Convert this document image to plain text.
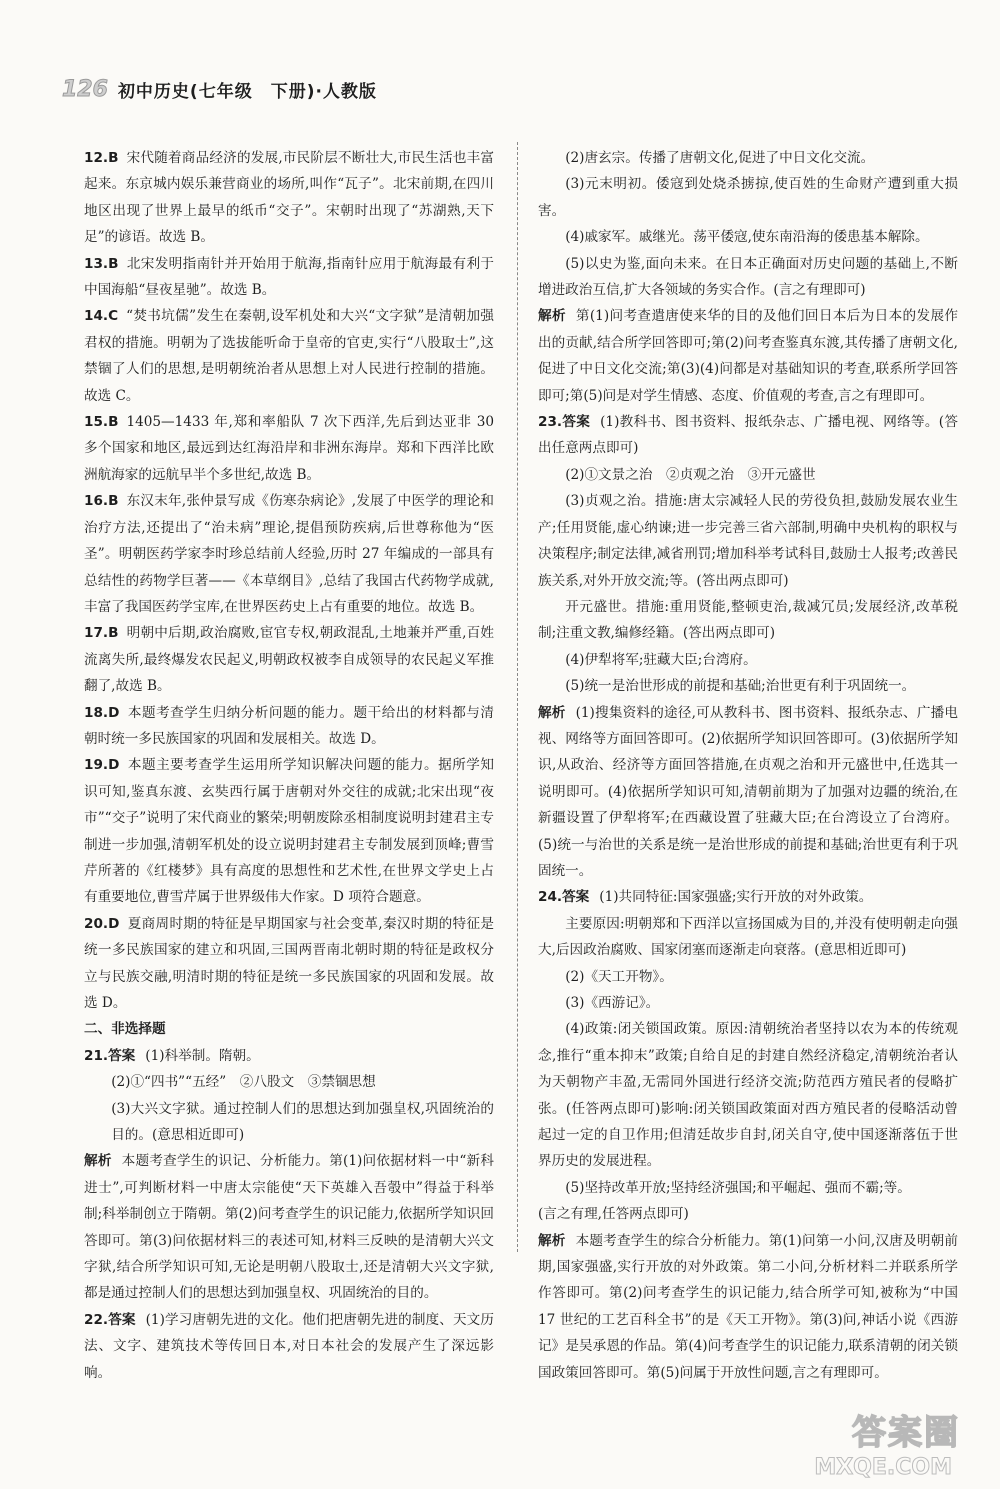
126 初中历史(七年级　下册)·人教版

12.B 宋代随着商品经济的发展,市民阶层不断壮大,市民生活也丰富起来。东京城内娱乐兼营商业的场所,叫作“瓦子”。北宋前期,在四川地区出现了世界上最早的纸币“交子”。宋朝时出现了“苏湖熟,天下足”的谚语。故选 B。

13.B 北宋发明指南针并开始用于航海,指南针应用于航海最有利于中国海船“昼夜星驰”。故选 B。

14.C “焚书坑儒”发生在秦朝,设军机处和大兴“文字狱”是清朝加强君权的措施。明朝为了选拔能听命于皇帝的官吏,实行“八股取士”,这禁锢了人们的思想,是明朝统治者从思想上对人民进行控制的措施。故选 C。

15.B 1405—1433 年,郑和率船队 7 次下西洋,先后到达亚非 30 多个国家和地区,最远到达红海沿岸和非洲东海岸。郑和下西洋比欧洲航海家的远航早半个多世纪,故选 B。

16.B 东汉末年,张仲景写成《伤寒杂病论》,发展了中医学的理论和治疗方法,还提出了“治未病”理论,提倡预防疾病,后世尊称他为“医圣”。明朝医药学家李时珍总结前人经验,历时 27 年编成的一部具有总结性的药物学巨著——《本草纲目》,总结了我国古代药物学成就,丰富了我国医药学宝库,在世界医药史上占有重要的地位。故选 B。

17.B 明朝中后期,政治腐败,宦官专权,朝政混乱,土地兼并严重,百姓流离失所,最终爆发农民起义,明朝政权被李自成领导的农民起义军推翻了,故选 B。

18.D 本题考查学生归纳分析问题的能力。题干给出的材料都与清朝时统一多民族国家的巩固和发展相关。故选 D。

19.D 本题主要考查学生运用所学知识解决问题的能力。据所学知识可知,鉴真东渡、玄奘西行属于唐朝对外交往的成就;北宋出现“夜市”“交子”说明了宋代商业的繁荣;明朝废除丞相制度说明封建君主专制进一步加强,清朝军机处的设立说明封建君主专制发展到顶峰;曹雪芹所著的《红楼梦》具有高度的思想性和艺术性,在世界文学史上占有重要地位,曹雪芹属于世界级伟大作家。D 项符合题意。

20.D 夏商周时期的特征是早期国家与社会变革,秦汉时期的特征是统一多民族国家的建立和巩固,三国两晋南北朝时期的特征是政权分立与民族交融,明清时期的特征是统一多民族国家的巩固和发展。故选 D。

二、非选择题

21.答案 (1)科举制。隋朝。

(2)①“四书”“五经”　②八股文　③禁锢思想

(3)大兴文字狱。通过控制人们的思想达到加强皇权,巩固统治的目的。(意思相近即可)

解析 本题考查学生的识记、分析能力。第(1)问依据材料一中“新科进士”,可判断材料一中唐太宗能使“天下英雄入吾彀中”得益于科举制;科举制创立于隋朝。第(2)问考查学生的识记能力,依据所学知识回答即可。第(3)问依据材料三的表述可知,材料三反映的是清朝大兴文字狱,结合所学知识可知,无论是明朝八股取士,还是清朝大兴文字狱,都是通过控制人们的思想达到加强皇权、巩固统治的目的。

22.答案 (1)学习唐朝先进的文化。他们把唐朝先进的制度、天文历法、文字、建筑技术等传回日本,对日本社会的发展产生了深远影响。

(2)唐玄宗。传播了唐朝文化,促进了中日文化交流。

(3)元末明初。倭寇到处烧杀掳掠,使百姓的生命财产遭到重大损害。

(4)戚家军。戚继光。荡平倭寇,使东南沿海的倭患基本解除。

(5)以史为鉴,面向未来。在日本正确面对历史问题的基础上,不断增进政治互信,扩大各领域的务实合作。(言之有理即可)

解析 第(1)问考查遣唐使来华的目的及他们回日本后为日本的发展作出的贡献,结合所学回答即可;第(2)问考查鉴真东渡,其传播了唐朝文化,促进了中日文化交流;第(3)(4)问都是对基础知识的考查,联系所学回答即可;第(5)问是对学生情感、态度、价值观的考查,言之有理即可。

23.答案 (1)教科书、图书资料、报纸杂志、广播电视、网络等。(答出任意两点即可)

(2)①文景之治　②贞观之治　③开元盛世

(3)贞观之治。措施:唐太宗减轻人民的劳役负担,鼓励发展农业生产;任用贤能,虚心纳谏;进一步完善三省六部制,明确中央机构的职权与决策程序;制定法律,减省刑罚;增加科举考试科目,鼓励士人报考;改善民族关系,对外开放交流;等。(答出两点即可)

开元盛世。措施:重用贤能,整顿吏治,裁减冗员;发展经济,改革税制;注重文教,编修经籍。(答出两点即可)

(4)伊犁将军;驻藏大臣;台湾府。

(5)统一是治世形成的前提和基础;治世更有利于巩固统一。

解析 (1)搜集资料的途径,可从教科书、图书资料、报纸杂志、广播电视、网络等方面回答即可。(2)依据所学知识回答即可。(3)依据所学知识,从政治、经济等方面回答措施,在贞观之治和开元盛世中,任选其一说明即可。(4)依据所学知识可知,清朝前期为了加强对边疆的统治,在新疆设置了伊犁将军;在西藏设置了驻藏大臣;在台湾设立了台湾府。(5)统一与治世的关系是统一是治世形成的前提和基础;治世更有利于巩固统一。

24.答案 (1)共同特征:国家强盛;实行开放的对外政策。

主要原因:明朝郑和下西洋以宣扬国威为目的,并没有使明朝走向强大,后因政治腐败、国家闭塞而逐渐走向衰落。(意思相近即可)

(2)《天工开物》。

(3)《西游记》。

(4)政策:闭关锁国政策。原因:清朝统治者坚持以农为本的传统观念,推行“重本抑末”政策;自给自足的封建自然经济稳定,清朝统治者认为天朝物产丰盈,无需同外国进行经济交流;防范西方殖民者的侵略扩张。(任答两点即可)影响:闭关锁国政策面对西方殖民者的侵略活动曾起过一定的自卫作用;但清廷故步自封,闭关自守,使中国逐渐落伍于世界历史的发展进程。

(5)坚持改革开放;坚持经济强国;和平崛起、强而不霸;等。

(言之有理,任答两点即可)

解析 本题考查学生的综合分析能力。第(1)问第一小问,汉唐及明朝前期,国家强盛,实行开放的对外政策。第二小问,分析材料二并联系所学作答即可。第(2)问考查学生的识记能力,结合所学可知,被称为“中国 17 世纪的工艺百科全书”的是《天工开物》。第(3)问,神话小说《西游记》是吴承恩的作品。第(4)问考查学生的识记能力,联系清朝的闭关锁国政策回答即可。第(5)问属于开放性问题,言之有理即可。

答案圈
MXQE.COM
